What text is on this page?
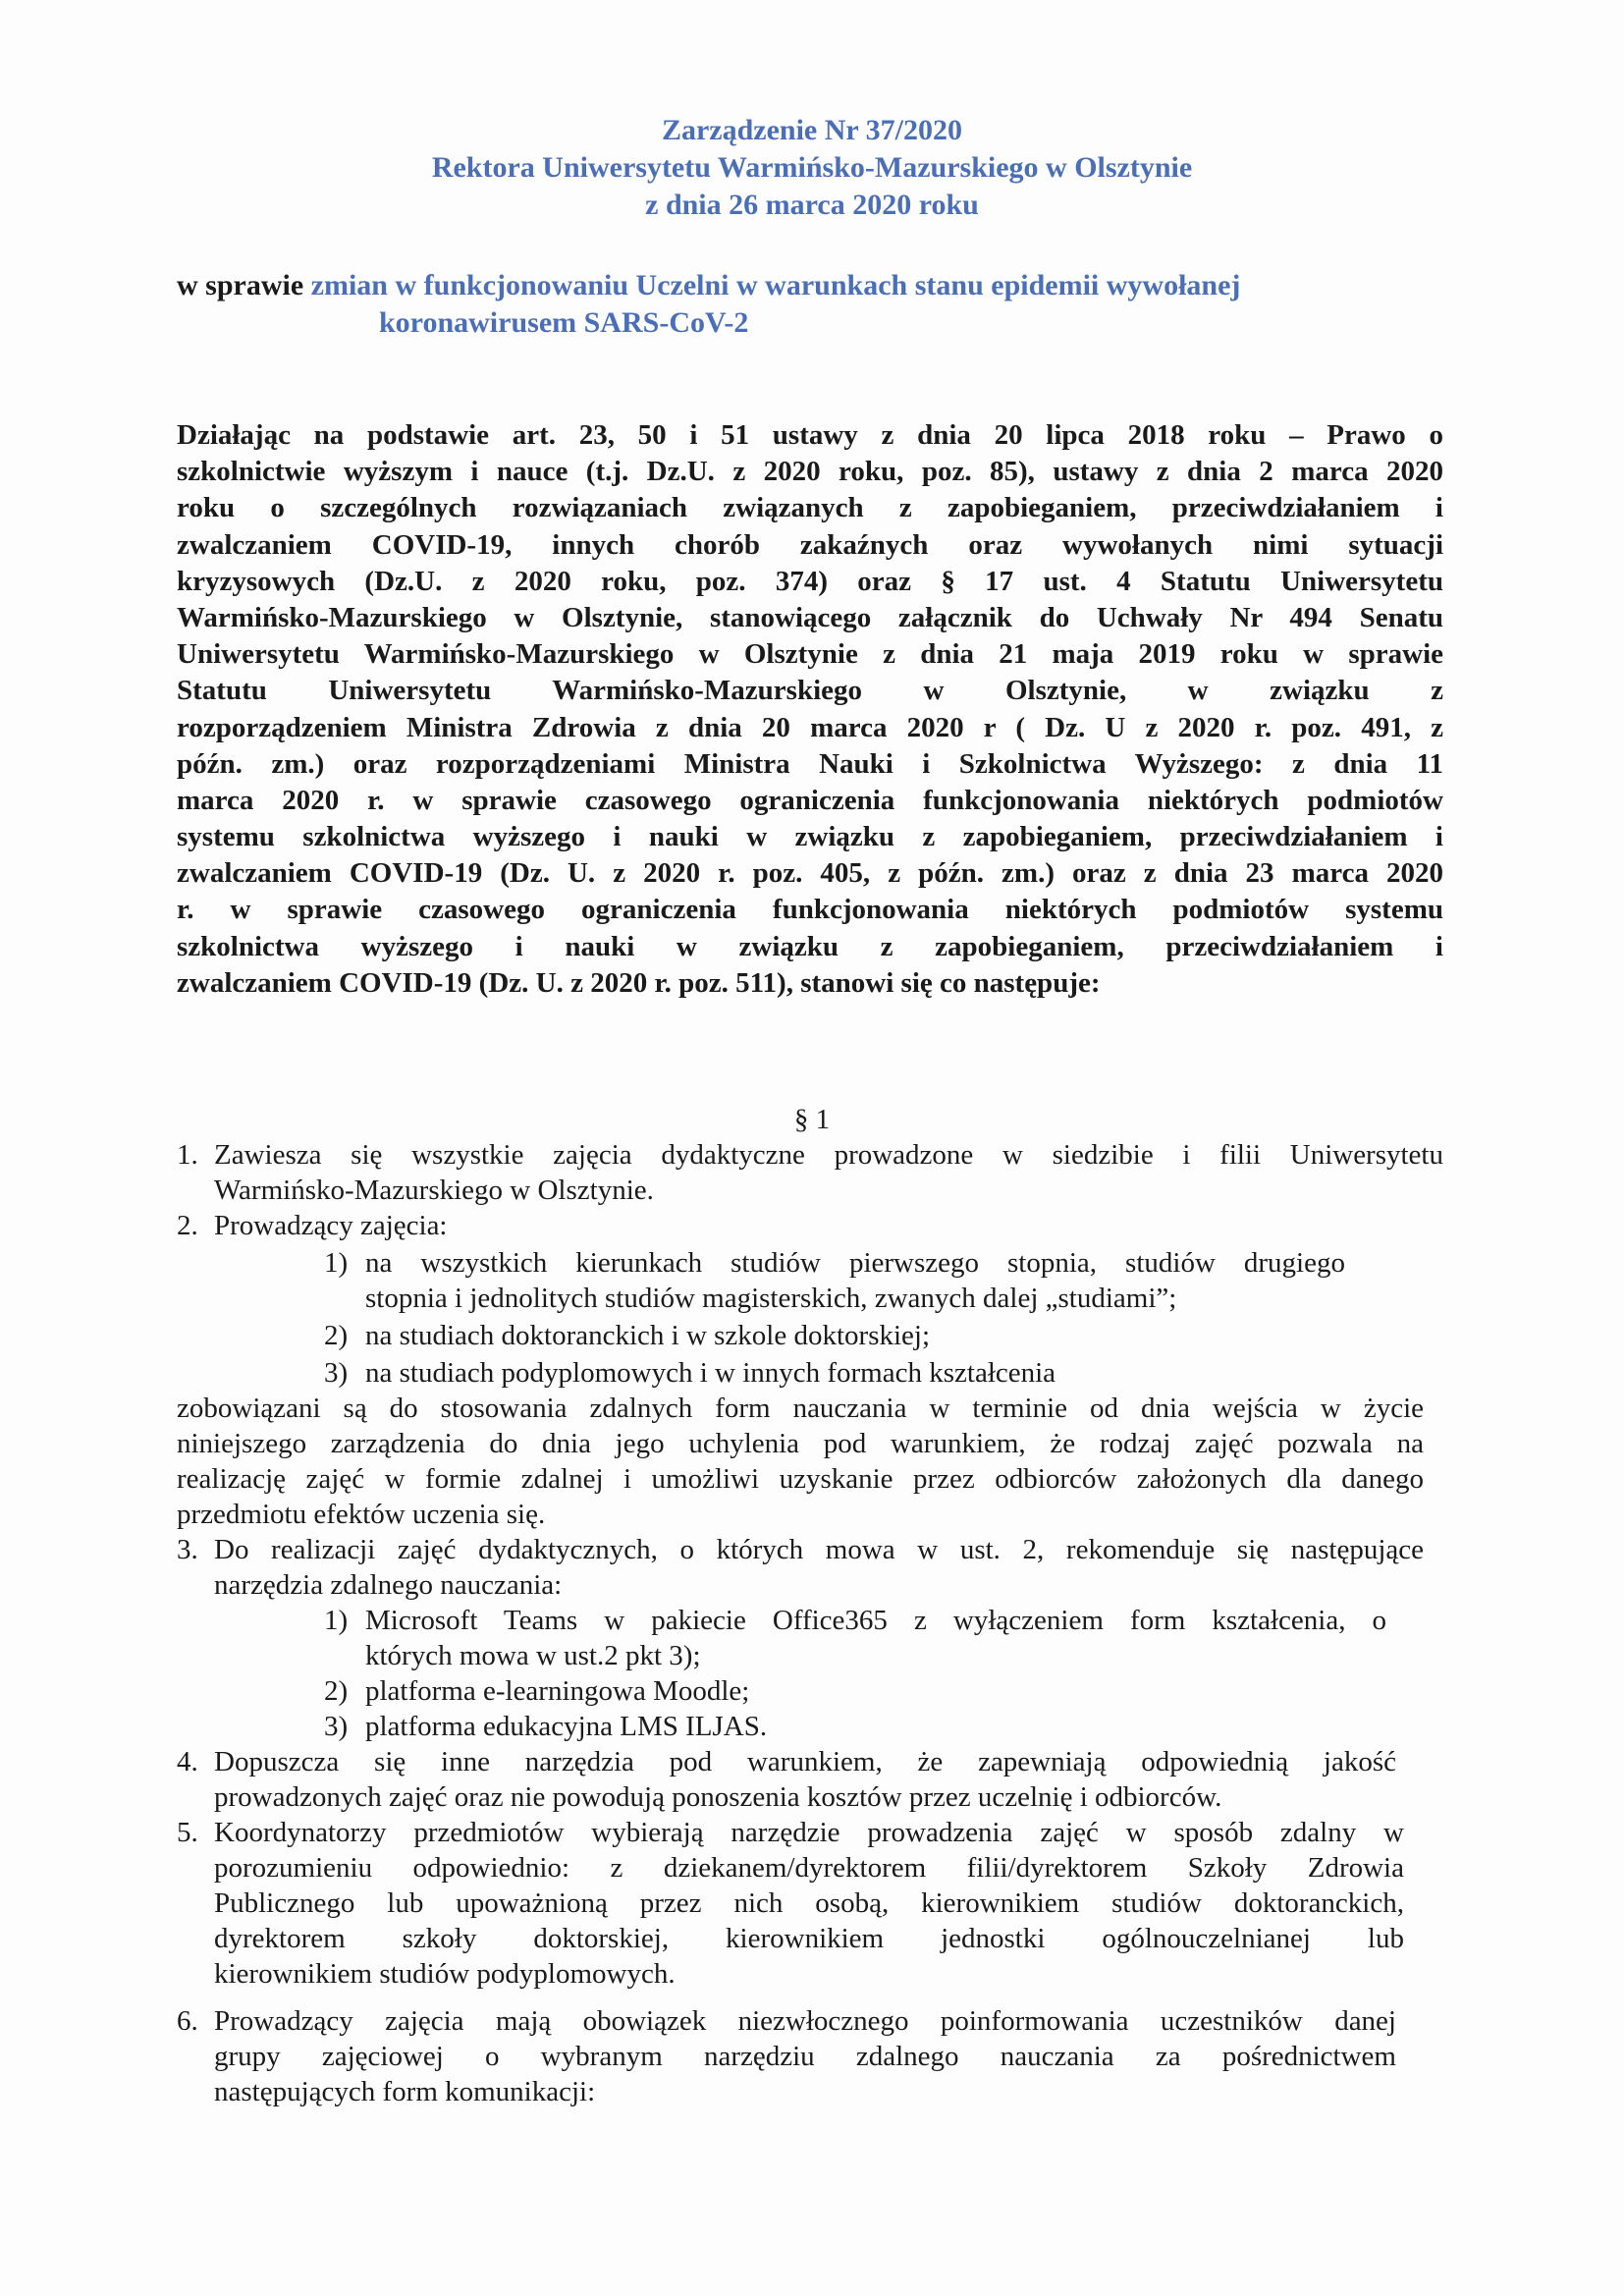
Zarządzenie Nr 37/2020
Rektora Uniwersytetu Warmińsko-Mazurskiego w Olsztynie
z dnia 26 marca 2020 roku
w sprawie zmian w funkcjonowaniu Uczelni w warunkach stanu epidemii wywołanej
koronawirusem SARS-CoV-2
Działając na podstawie art. 23, 50 i 51 ustawy z dnia 20 lipca 2018 roku – Prawo o
szkolnictwie wyższym i nauce (t.j. Dz.U. z 2020 roku, poz. 85), ustawy z dnia 2 marca 2020
roku o szczególnych rozwiązaniach związanych z zapobieganiem, przeciwdziałaniem i
zwalczaniem COVID-19, innych chorób zakaźnych oraz wywołanych nimi sytuacji
kryzysowych (Dz.U. z 2020 roku, poz. 374) oraz § 17 ust. 4 Statutu Uniwersytetu
Warmińsko-Mazurskiego w Olsztynie, stanowiącego załącznik do Uchwały Nr 494 Senatu
Uniwersytetu Warmińsko-Mazurskiego w Olsztynie z dnia 21 maja 2019 roku w sprawie
Statutu Uniwersytetu Warmińsko-Mazurskiego w Olsztynie, w związku z
rozporządzeniem Ministra Zdrowia z dnia 20 marca 2020 r ( Dz. U z 2020 r. poz. 491, z
późn. zm.) oraz rozporządzeniami Ministra Nauki i Szkolnictwa Wyższego: z dnia 11
marca 2020 r. w sprawie czasowego ograniczenia funkcjonowania niektórych podmiotów
systemu szkolnictwa wyższego i nauki w związku z zapobieganiem, przeciwdziałaniem i
zwalczaniem COVID-19 (Dz. U. z 2020 r. poz. 405, z późn. zm.) oraz z dnia 23 marca 2020
r. w sprawie czasowego ograniczenia funkcjonowania niektórych podmiotów systemu
szkolnictwa wyższego i nauki w związku z zapobieganiem, przeciwdziałaniem i
zwalczaniem COVID-19 (Dz. U. z 2020 r. poz. 511), stanowi się co następuje:
§ 1
1. Zawiesza się wszystkie zajęcia dydaktyczne prowadzone w siedzibie i filii Uniwersytetu
Warmińsko-Mazurskiego w Olsztynie.
2. Prowadzący zajęcia:
1) na wszystkich kierunkach studiów pierwszego stopnia, studiów drugiego
stopnia i jednolitych studiów magisterskich, zwanych dalej „studiami”;
2) na studiach doktoranckich i w szkole doktorskiej;
3) na studiach podyplomowych i w innych formach kształcenia
zobowiązani są do stosowania zdalnych form nauczania w terminie od dnia wejścia w życie
niniejszego zarządzenia do dnia jego uchylenia pod warunkiem, że rodzaj zajęć pozwala na
realizację zajęć w formie zdalnej i umożliwi uzyskanie przez odbiorców założonych dla danego
przedmiotu efektów uczenia się.
3. Do realizacji zajęć dydaktycznych, o których mowa w ust. 2, rekomenduje się następujące
narzędzia zdalnego nauczania:
1) Microsoft Teams w pakiecie Office365 z wyłączeniem form kształcenia, o
których mowa w ust.2 pkt 3);
2) platforma e-learningowa Moodle;
3) platforma edukacyjna LMS ILJAS.
4. Dopuszcza się inne narzędzia pod warunkiem, że zapewniają odpowiednią jakość
prowadzonych zajęć oraz nie powodują ponoszenia kosztów przez uczelnię i odbiorców.
5. Koordynatorzy przedmiotów wybierają narzędzie prowadzenia zajęć w sposób zdalny w
porozumieniu odpowiednio: z dziekanem/dyrektorem filii/dyrektorem Szkoły Zdrowia
Publicznego lub upoważnioną przez nich osobą, kierownikiem studiów doktoranckich,
dyrektorem szkoły doktorskiej, kierownikiem jednostki ogólnouczelnianej lub
kierownikiem studiów podyplomowych.
6. Prowadzący zajęcia mają obowiązek niezwłocznego poinformowania uczestników danej
grupy zajęciowej o wybranym narzędziu zdalnego nauczania za pośrednictwem
następujących form komunikacji:
